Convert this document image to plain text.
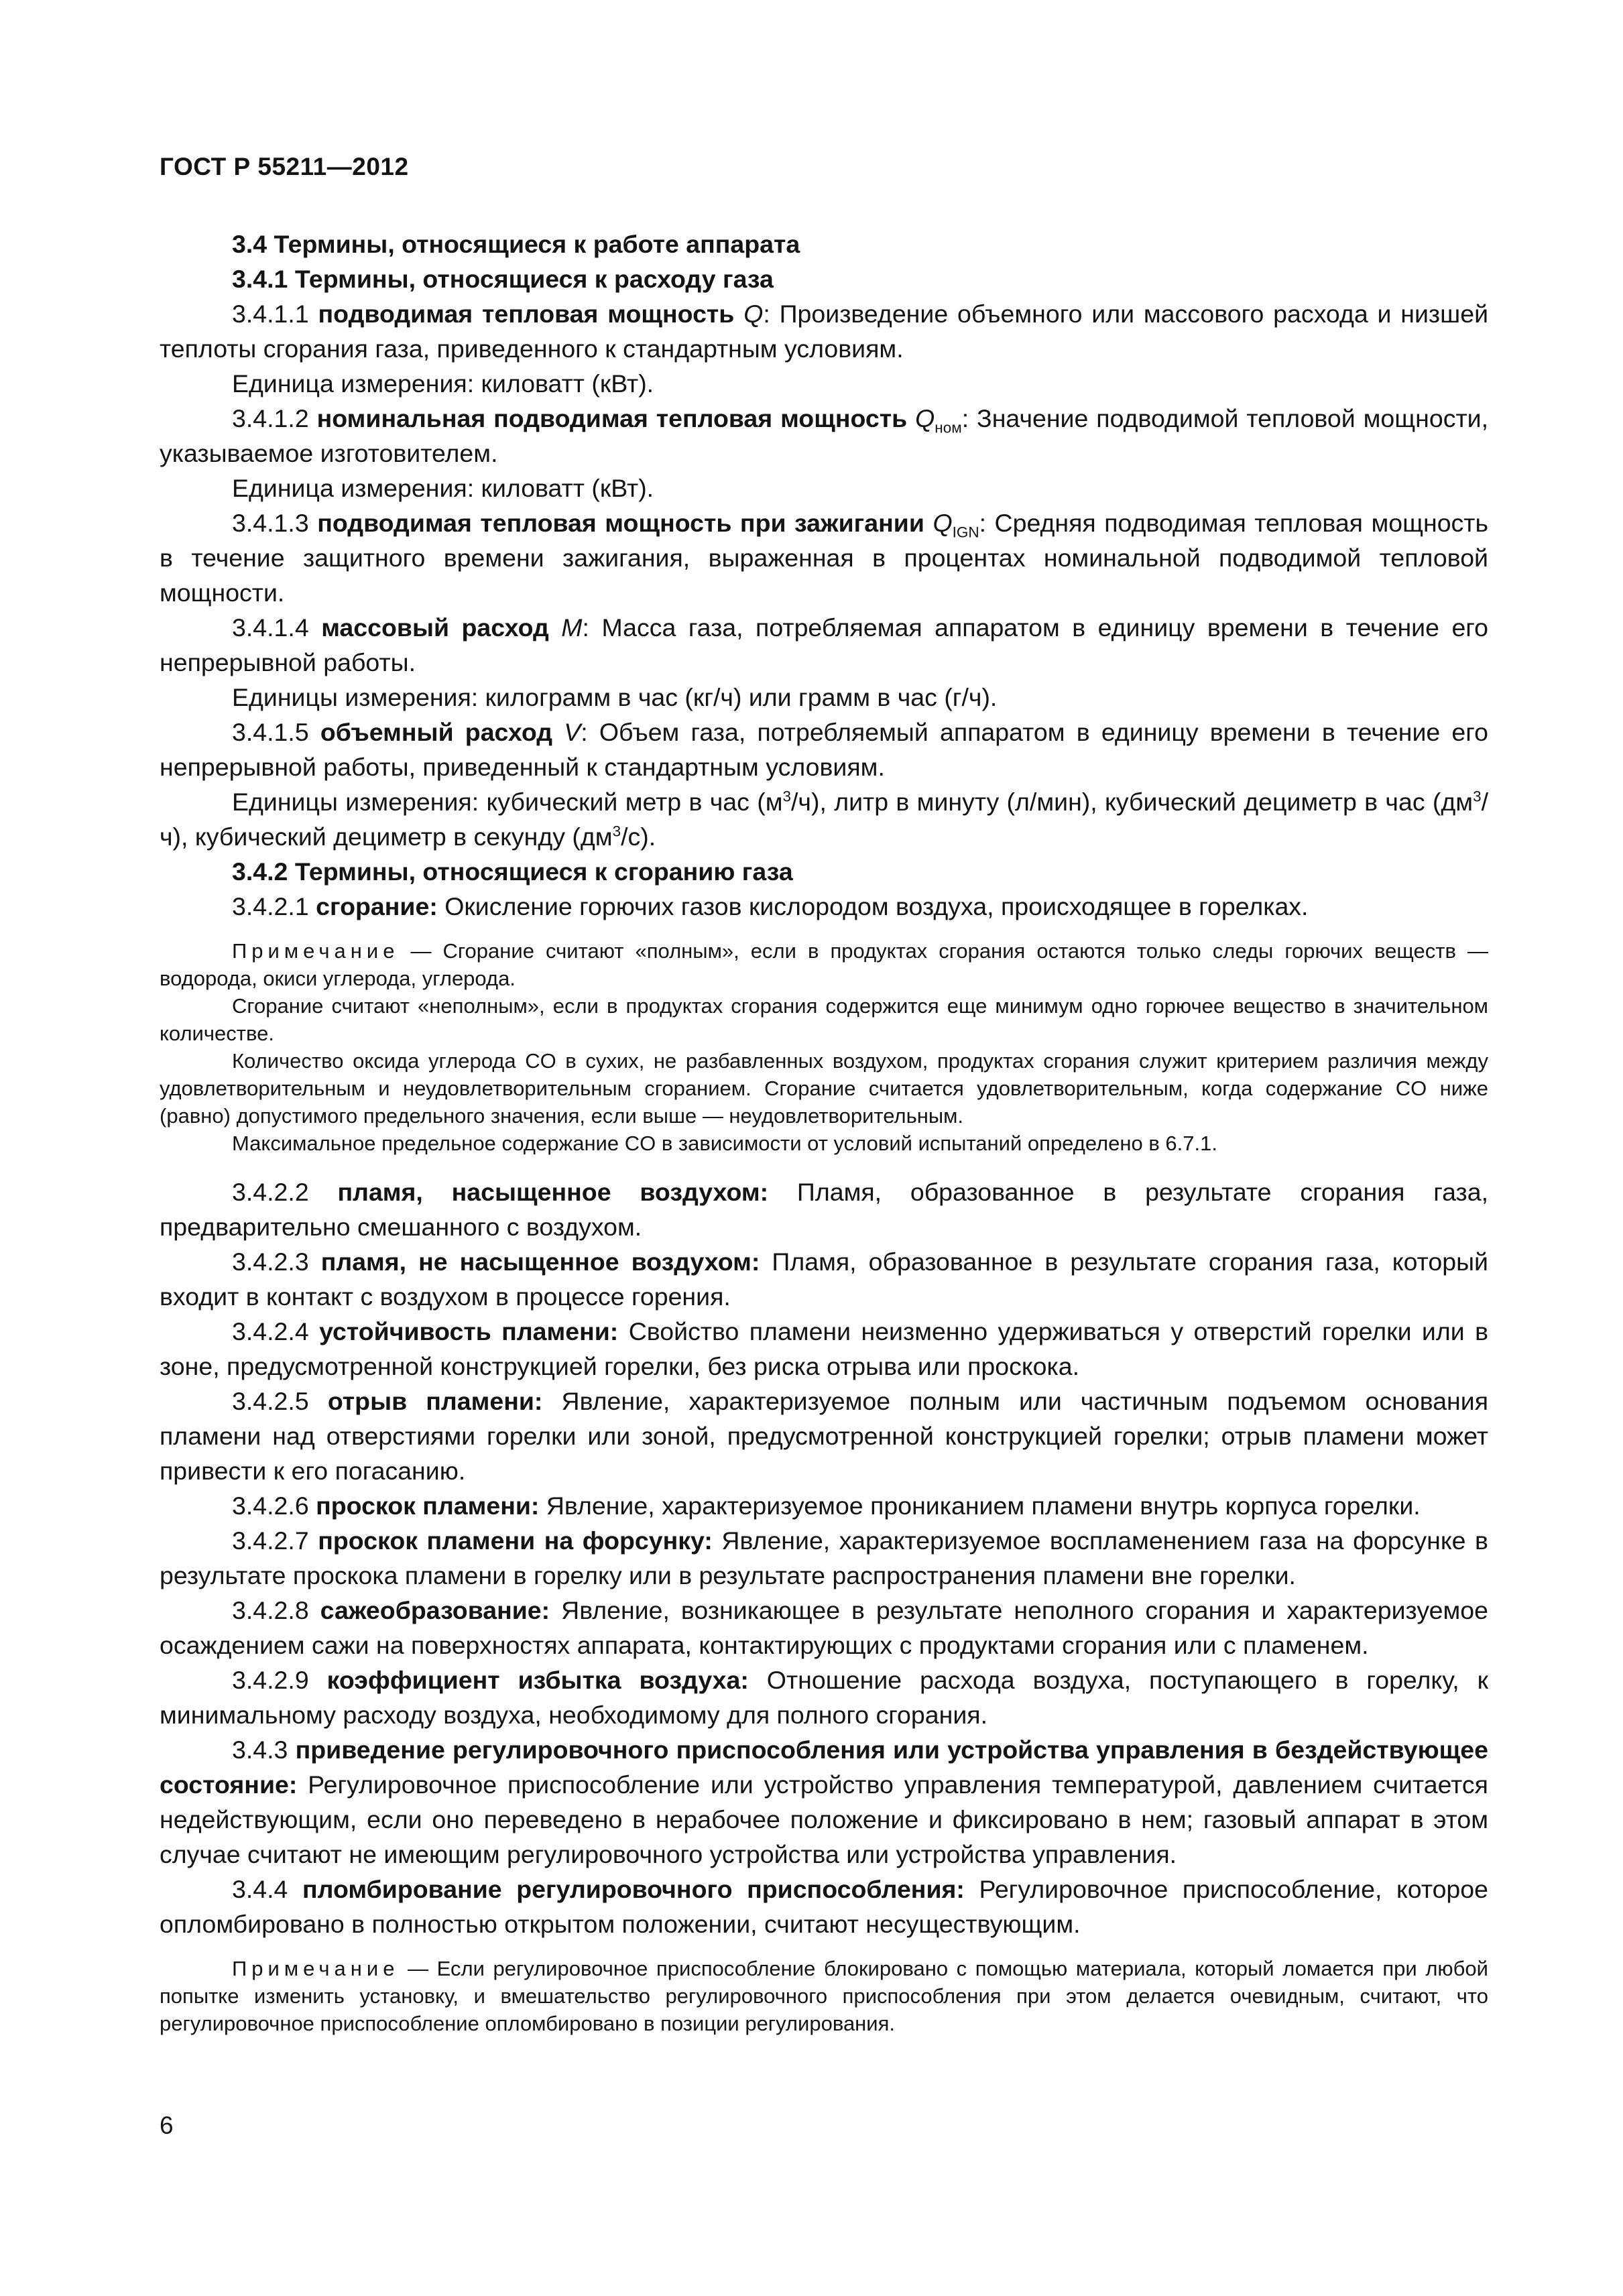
ГОСТ Р 55211—2012

3.4 Термины, относящиеся к работе аппарата

3.4.1 Термины, относящиеся к расходу газа

3.4.1.1 подводимая тепловая мощность Q: Произведение объемного или массового расхода и низшей теплоты сгорания газа, приведенного к стандартным условиям.

Единица измерения: киловатт (кВт).

3.4.1.2 номинальная подводимая тепловая мощность $Q_{ном}$: Значение подводимой тепловой мощности, указываемое изготовителем.

Единица измерения: киловатт (кВт).

3.4.1.3 подводимая тепловая мощность при зажигании $Q_{IGN}$: Средняя подводимая тепловая мощность в течение защитного времени зажигания, выраженная в процентах номинальной подводимой тепловой мощности.

3.4.1.4 массовый расход M: Масса газа, потребляемая аппаратом в единицу времени в течение его непрерывной работы.

Единицы измерения: килограмм в час (кг/ч) или грамм в час (г/ч).

3.4.1.5 объемный расход V: Объем газа, потребляемый аппаратом в единицу времени в течение его непрерывной работы, приведенный к стандартным условиям.

Единицы измерения: кубический метр в час $(м^3/ч)$, литр в минуту (л/мин), кубический дециметр в час $(дм^3/ч)$, кубический дециметр в секунду $(дм^3/с)$.

3.4.2 Термины, относящиеся к сгоранию газа

3.4.2.1 сгорание: Окисление горючих газов кислородом воздуха, происходящее в горелках.

Примечание — Сгорание считают «полным», если в продуктах сгорания остаются только следы горючих веществ — водорода, окиси углерода, углерода.

Сгорание считают «неполным», если в продуктах сгорания содержится еще минимум одно горючее вещество в значительном количестве.

Количество оксида углерода CO в сухих, не разбавленных воздухом, продуктах сгорания служит критерием различия между удовлетворительным и неудовлетворительным сгоранием. Сгорание считается удовлетворительным, когда содержание CO ниже (равно) допустимого предельного значения, если выше — неудовлетворительным.

Максимальное предельное содержание CO в зависимости от условий испытаний определено в 6.7.1.

3.4.2.2 пламя, насыщенное воздухом: Пламя, образованное в результате сгорания газа, предварительно смешанного с воздухом.

3.4.2.3 пламя, не насыщенное воздухом: Пламя, образованное в результате сгорания газа, который входит в контакт с воздухом в процессе горения.

3.4.2.4 устойчивость пламени: Свойство пламени неизменно удерживаться у отверстий горелки или в зоне, предусмотренной конструкцией горелки, без риска отрыва или проскока.

3.4.2.5 отрыв пламени: Явление, характеризуемое полным или частичным подъемом основания пламени над отверстиями горелки или зоной, предусмотренной конструкцией горелки; отрыв пламени может привести к его погасанию.

3.4.2.6 проскок пламени: Явление, характеризуемое прониканием пламени внутрь корпуса горелки.

3.4.2.7 проскок пламени на форсунку: Явление, характеризуемое воспламенением газа на форсунке в результате проскока пламени в горелку или в результате распространения пламени вне горелки.

3.4.2.8 сажеобразование: Явление, возникающее в результате неполного сгорания и характеризуемое осаждением сажи на поверхностях аппарата, контактирующих с продуктами сгорания или с пламенем.

3.4.2.9 коэффициент избытка воздуха: Отношение расхода воздуха, поступающего в горелку, к минимальному расходу воздуха, необходимому для полного сгорания.

3.4.3 приведение регулировочного приспособления или устройства управления в бездействующее состояние: Регулировочное приспособление или устройство управления температурой, давлением считается недействующим, если оно переведено в нерабочее положение и фиксировано в нем; газовый аппарат в этом случае считают не имеющим регулировочного устройства или устройства управления.

3.4.4 пломбирование регулировочного приспособления: Регулировочное приспособление, которое опломбировано в полностью открытом положении, считают несуществующим.

Примечание — Если регулировочное приспособление блокировано с помощью материала, который ломается при любой попытке изменить установку, и вмешательство регулировочного приспособления при этом делается очевидным, считают, что регулировочное приспособление опломбировано в позиции регулирования.

6
